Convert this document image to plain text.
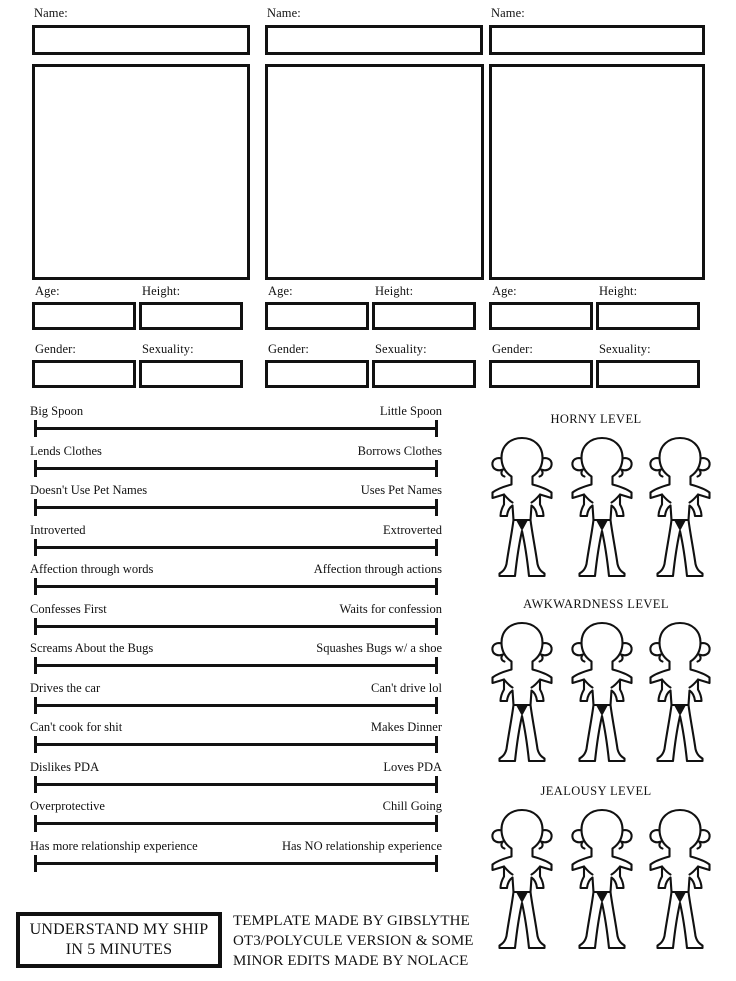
Name:
Age:	Height:
Gender:	Sexuality:
Name:
Age:	Height:
Gender:	Sexuality:
Name:
Age:	Height:
Gender:	Sexuality:
Big Spoon	Little Spoon
Lends Clothes	Borrows Clothes
Doesn't Use Pet Names	Uses Pet Names
Introverted	Extroverted
Affection through words	Affection through actions
Confesses First	Waits for confession
Screams About the Bugs	Squashes Bugs w/ a shoe
Drives the car	Can't drive lol
Can't cook for shit	Makes Dinner
Dislikes PDA	Loves PDA
Overprotective	Chill Going
Has more relationship experience	Has NO relationship experience
HORNY LEVEL
AWKWARDNESS LEVEL
JEALOUSY LEVEL
UNDERSTAND MY SHIP
IN 5 MINUTES
TEMPLATE MADE BY GIBSLYTHE
OT3/POLYCULE VERSION & SOME
MINOR EDITS MADE BY NOLACE
